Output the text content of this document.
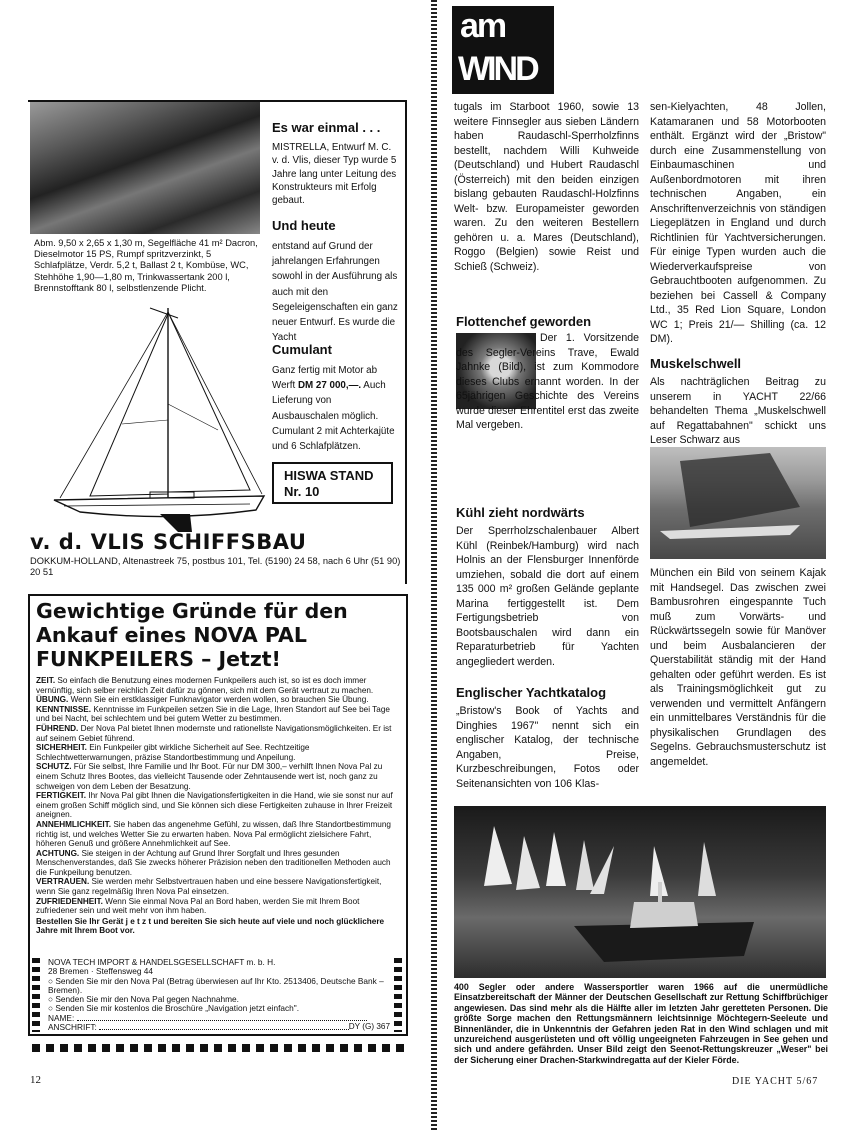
Es war einmal . . .

MISTRELLA, Entwurf M. C. v. d. Vlis, dieser Typ wurde 5 Jahre lang unter Leitung des Konstrukteurs mit Erfolg gebaut.

Und heute

entstand auf Grund der jahrelangen Erfahrungen sowohl in der Ausführung als auch mit den Segeleigenschaften ein ganz neuer Entwurf. Es wurde die Yacht

Abm. 9,50 x 2,65 x 1,30 m, Segelfläche 41 m² Dacron, Dieselmotor 15 PS, Rumpf spritzverzinkt, 5 Schlafplätze, Verdr. 5,2 t, Ballast 2 t, Kombüse, WC, Stehhöhe 1,90—1,80 m, Trinkwassertank 200 l, Brennstofftank 80 l, selbstlenzende Plicht.

Cumulant

Ganz fertig mit Motor ab Werft DM 27 000,—. Auch Lieferung von Ausbauschalen möglich. Cumulant 2 mit Achterkajüte und 6 Schlafplätzen.

HISWA STAND
Nr. 10
v. d. VLIS SCHIFFSBAU
DOKKUM-HOLLAND, Altenastreek 75, postbus 101, Tel. (5190) 24 58, nach 6 Uhr (51 90) 20 51
Gewichtige Gründe für den
Ankauf eines NOVA PAL
FUNKPEILERS – Jetzt!
ZEIT. So einfach die Benutzung eines modernen Funkpeilers auch ist, so ist es doch immer vernünftig, sich selber reichlich Zeit dafür zu gönnen, sich mit dem Gerät vertraut zu machen.
ÜBUNG. Wenn Sie ein erstklassiger Funknavigator werden wollen, so brauchen Sie Übung.
KENNTNISSE. Kenntnisse im Funkpeilen setzen Sie in die Lage, Ihren Standort auf See bei Tage und bei Nacht, bei schlechtem und bei gutem Wetter zu bestimmen.
FÜHREND. Der Nova Pal bietet Ihnen modernste und rationellste Navigationsmöglichkeiten. Er ist auf seinem Gebiet führend.
SICHERHEIT. Ein Funkpeiler gibt wirkliche Sicherheit auf See. Rechtzeitige Schlechtwetterwarnungen, präzise Standortbestimmung und Anpeilung.
SCHUTZ. Für Sie selbst, Ihre Familie und Ihr Boot. Für nur DM 300,– verhilft Ihnen Nova Pal zu einem Schutz Ihres Bootes, das vielleicht Tausende oder Zehntausende wert ist, noch ganz zu schweigen von dem Leben der Besatzung.
FERTIGKEIT. Ihr Nova Pal gibt Ihnen die Navigationsfertigkeiten in die Hand, wie sie sonst nur auf einem großen Schiff möglich sind, und Sie können sich diese Fertigkeiten zuhause in Ihrer Freizeit aneignen.
ANNEHMLICHKEIT. Sie haben das angenehme Gefühl, zu wissen, daß Ihre Standortbestimmung richtig ist, und welches Wetter Sie zu erwarten haben. Nova Pal ermöglicht zielsichere Fahrt, höheren Genuß und größere Annehmlichkeit auf See.
ACHTUNG. Sie steigen in der Achtung auf Grund Ihrer Sorgfalt und Ihres gesunden Menschenverstandes, daß Sie zwecks höherer Präzision neben den traditionellen Methoden auch die Funkpeilung benutzen.
VERTRAUEN. Sie werden mehr Selbstvertrauen haben und eine bessere Navigationsfertigkeit, wenn Sie ganz regelmäßig Ihren Nova Pal einsetzen.
ZUFRIEDENHEIT. Wenn Sie einmal Nova Pal an Bord haben, werden Sie mit Ihrem Boot zufriedener sein und weit mehr von ihm haben.
Bestellen Sie Ihr Gerät j e t z t und bereiten Sie sich heute auf viele und noch glücklichere Jahre mit Ihrem Boot vor.
NOVA TECH IMPORT & HANDELSGESELLSCHAFT m. b. H.
28 Bremen · Steffensweg 44
○ Senden Sie mir den Nova Pal (Betrag überwiesen auf Ihr Kto. 2513406, Deutsche Bank – Bremen).
○ Senden Sie mir den Nova Pal gegen Nachnahme.
○ Senden Sie mir kostenlos die Broschüre „Navigation jetzt einfach".
NAME:
ANSCHRIFT:	DY (G) 367
12
am
WIND

tugals im Starboot 1960, sowie 13 weitere Finnsegler aus sieben Ländern haben Raudaschl-Sperrholzfinns bestellt, nachdem Willi Kuhweide (Deutschland) und Hubert Raudaschl (Österreich) mit den beiden einzigen bislang gebauten Raudaschl-Holzfinns Welt- bzw. Europameister geworden waren. Zu den weiteren Bestellern gehören u. a. Mares (Deutschland), Roggo (Belgien) sowie Reist und Schieß (Schweiz).

Flottenchef geworden

Der 1. Vorsitzende des Segler-Vereins Trave, Ewald Jahnke (Bild), ist zum Kommodore dieses Clubs ernannt worden. In der 65jährigen Geschichte des Vereins wurde dieser Ehrentitel erst das zweite Mal vergeben.

Kühl zieht nordwärts

Der Sperrholzschalenbauer Albert Kühl (Reinbek/Hamburg) wird nach Holnis an der Flensburger Innenförde umziehen, sobald die dort auf einem 135 000 m² großen Gelände geplante Marina fertiggestellt ist. Dem Fertigungsbetrieb von Bootsbauschalen wird dann ein Reparaturbetrieb für Yachten angegliedert werden.

Englischer Yachtkatalog

„Bristow's Book of Yachts and Dinghies 1967" nennt sich ein englischer Katalog, der technische Angaben, Preise, Kurzbeschreibungen, Fotos oder Seitenansichten von 106 Klas-

sen-Kielyachten, 48 Jollen, Katamaranen und 58 Motorbooten enthält. Ergänzt wird der „Bristow" durch eine Zusammenstellung von Einbaumaschinen und Außenbordmotoren mit ihren technischen Angaben, ein Anschriftenverzeichnis von ständigen Liegeplätzen in England und durch Richtlinien für Yachtversicherungen. Für einige Typen wurden auch die Wiederverkaufspreise von Gebrauchtbooten aufgenommen. Zu beziehen bei Cassell & Company Ltd., 35 Red Lion Square, London WC 1; Preis 21/— Shilling (ca. 12 DM).

Muskelschwell

Als nachträglichen Beitrag zu unserem in YACHT 22/66 behandelten Thema „Muskelschwell auf Regattabahnen" schickt uns Leser Schwarz aus

München ein Bild von seinem Kajak mit Handsegel. Das zwischen zwei Bambusrohren eingespannte Tuch muß zum Vorwärts- und Rückwärtssegeln sowie für Manöver und beim Ausbalancieren der Querstabilität ständig mit der Hand gehalten oder geführt werden. Es ist als Trainingsmöglichkeit gut zu verwenden und vermittelt Anfängern ein unmittelbares Verständnis für die physikalischen Grundlagen des Segelns. Gebrauchsmusterschutz ist angemeldet.

400 Segler oder andere Wassersportler waren 1966 auf die unermüdliche Einsatzbereitschaft der Männer der Deutschen Gesellschaft zur Rettung Schiffbrüchiger angewiesen. Das sind mehr als die Hälfte aller im letzten Jahr geretteten Personen. Die größte Sorge machen den Rettungsmännern leichtsinnige Möchtegern-Seeleute und Binnenländer, die in Unkenntnis der Gefahren jeden Rat in den Wind schlagen und mit unzureichend ausgerüsteten und oft völlig ungeeigneten Fahrzeugen in See gehen und sich und andere gefährden. Unser Bild zeigt den Seenot-Rettungskreuzer „Weser" bei der Sicherung einer Drachen-Starkwindregatta auf der Kieler Förde.

DIE YACHT 5/67
